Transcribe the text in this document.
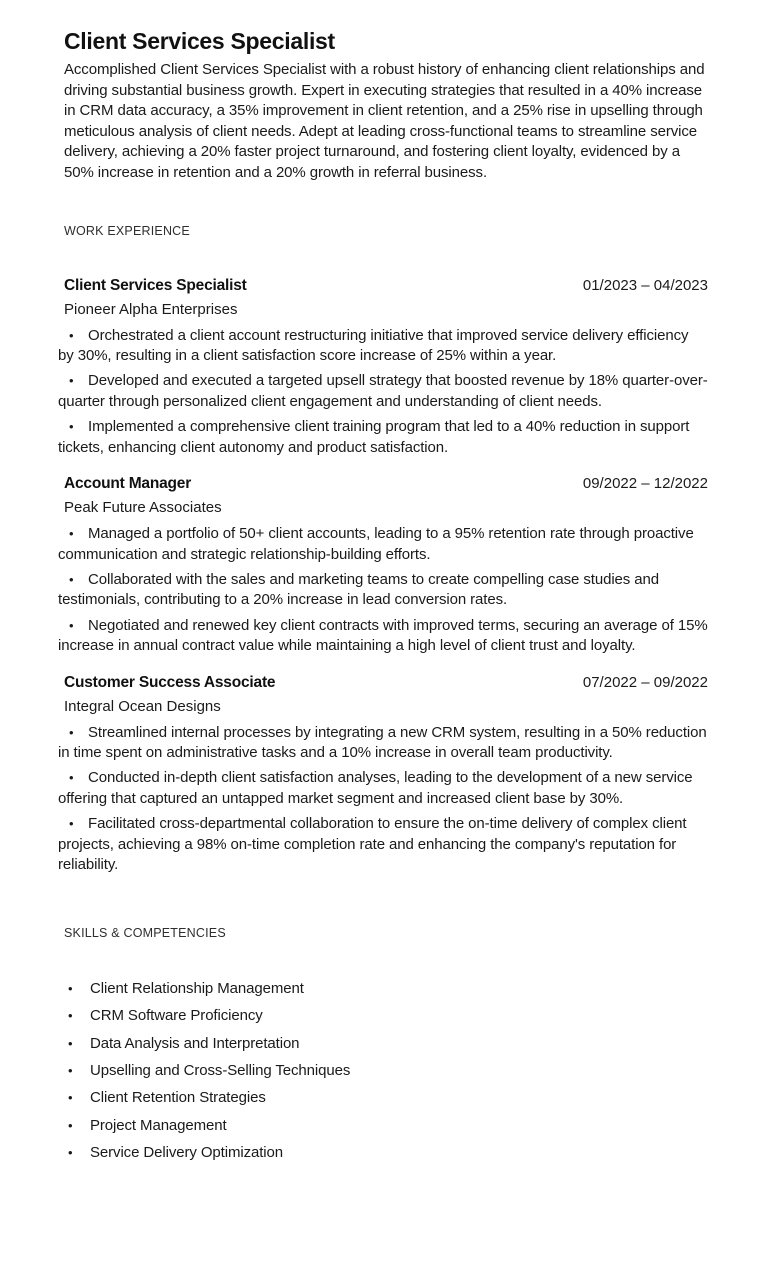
Client Services Specialist

Accomplished Client Services Specialist with a robust history of enhancing client relationships and driving substantial business growth. Expert in executing strategies that resulted in a 40% increase in CRM data accuracy, a 35% improvement in client retention, and a 25% rise in upselling through meticulous analysis of client needs. Adept at leading cross-functional teams to streamline service delivery, achieving a 20% faster project turnaround, and fostering client loyalty, evidenced by a 50% increase in retention and a 20% growth in referral business.

WORK EXPERIENCE
Client Services Specialist	01/2023 – 04/2023
Pioneer Alpha Enterprises

• Orchestrated a client account restructuring initiative that improved service delivery efficiency by 30%, resulting in a client satisfaction score increase of 25% within a year.

• Developed and executed a targeted upsell strategy that boosted revenue by 18% quarter-over-quarter through personalized client engagement and understanding of client needs.

• Implemented a comprehensive client training program that led to a 40% reduction in support tickets, enhancing client autonomy and product satisfaction.

Account Manager	09/2022 – 12/2022
Peak Future Associates

• Managed a portfolio of 50+ client accounts, leading to a 95% retention rate through proactive communication and strategic relationship-building efforts.

• Collaborated with the sales and marketing teams to create compelling case studies and testimonials, contributing to a 20% increase in lead conversion rates.

• Negotiated and renewed key client contracts with improved terms, securing an average of 15% increase in annual contract value while maintaining a high level of client trust and loyalty.

Customer Success Associate	07/2022 – 09/2022
Integral Ocean Designs

• Streamlined internal processes by integrating a new CRM system, resulting in a 50% reduction in time spent on administrative tasks and a 10% increase in overall team productivity.

• Conducted in-depth client satisfaction analyses, leading to the development of a new service offering that captured an untapped market segment and increased client base by 30%.

• Facilitated cross-departmental collaboration to ensure the on-time delivery of complex client projects, achieving a 98% on-time completion rate and enhancing the company's reputation for reliability.

SKILLS & COMPETENCIES
• Client Relationship Management
• CRM Software Proficiency
• Data Analysis and Interpretation
• Upselling and Cross-Selling Techniques
• Client Retention Strategies
• Project Management
• Service Delivery Optimization
